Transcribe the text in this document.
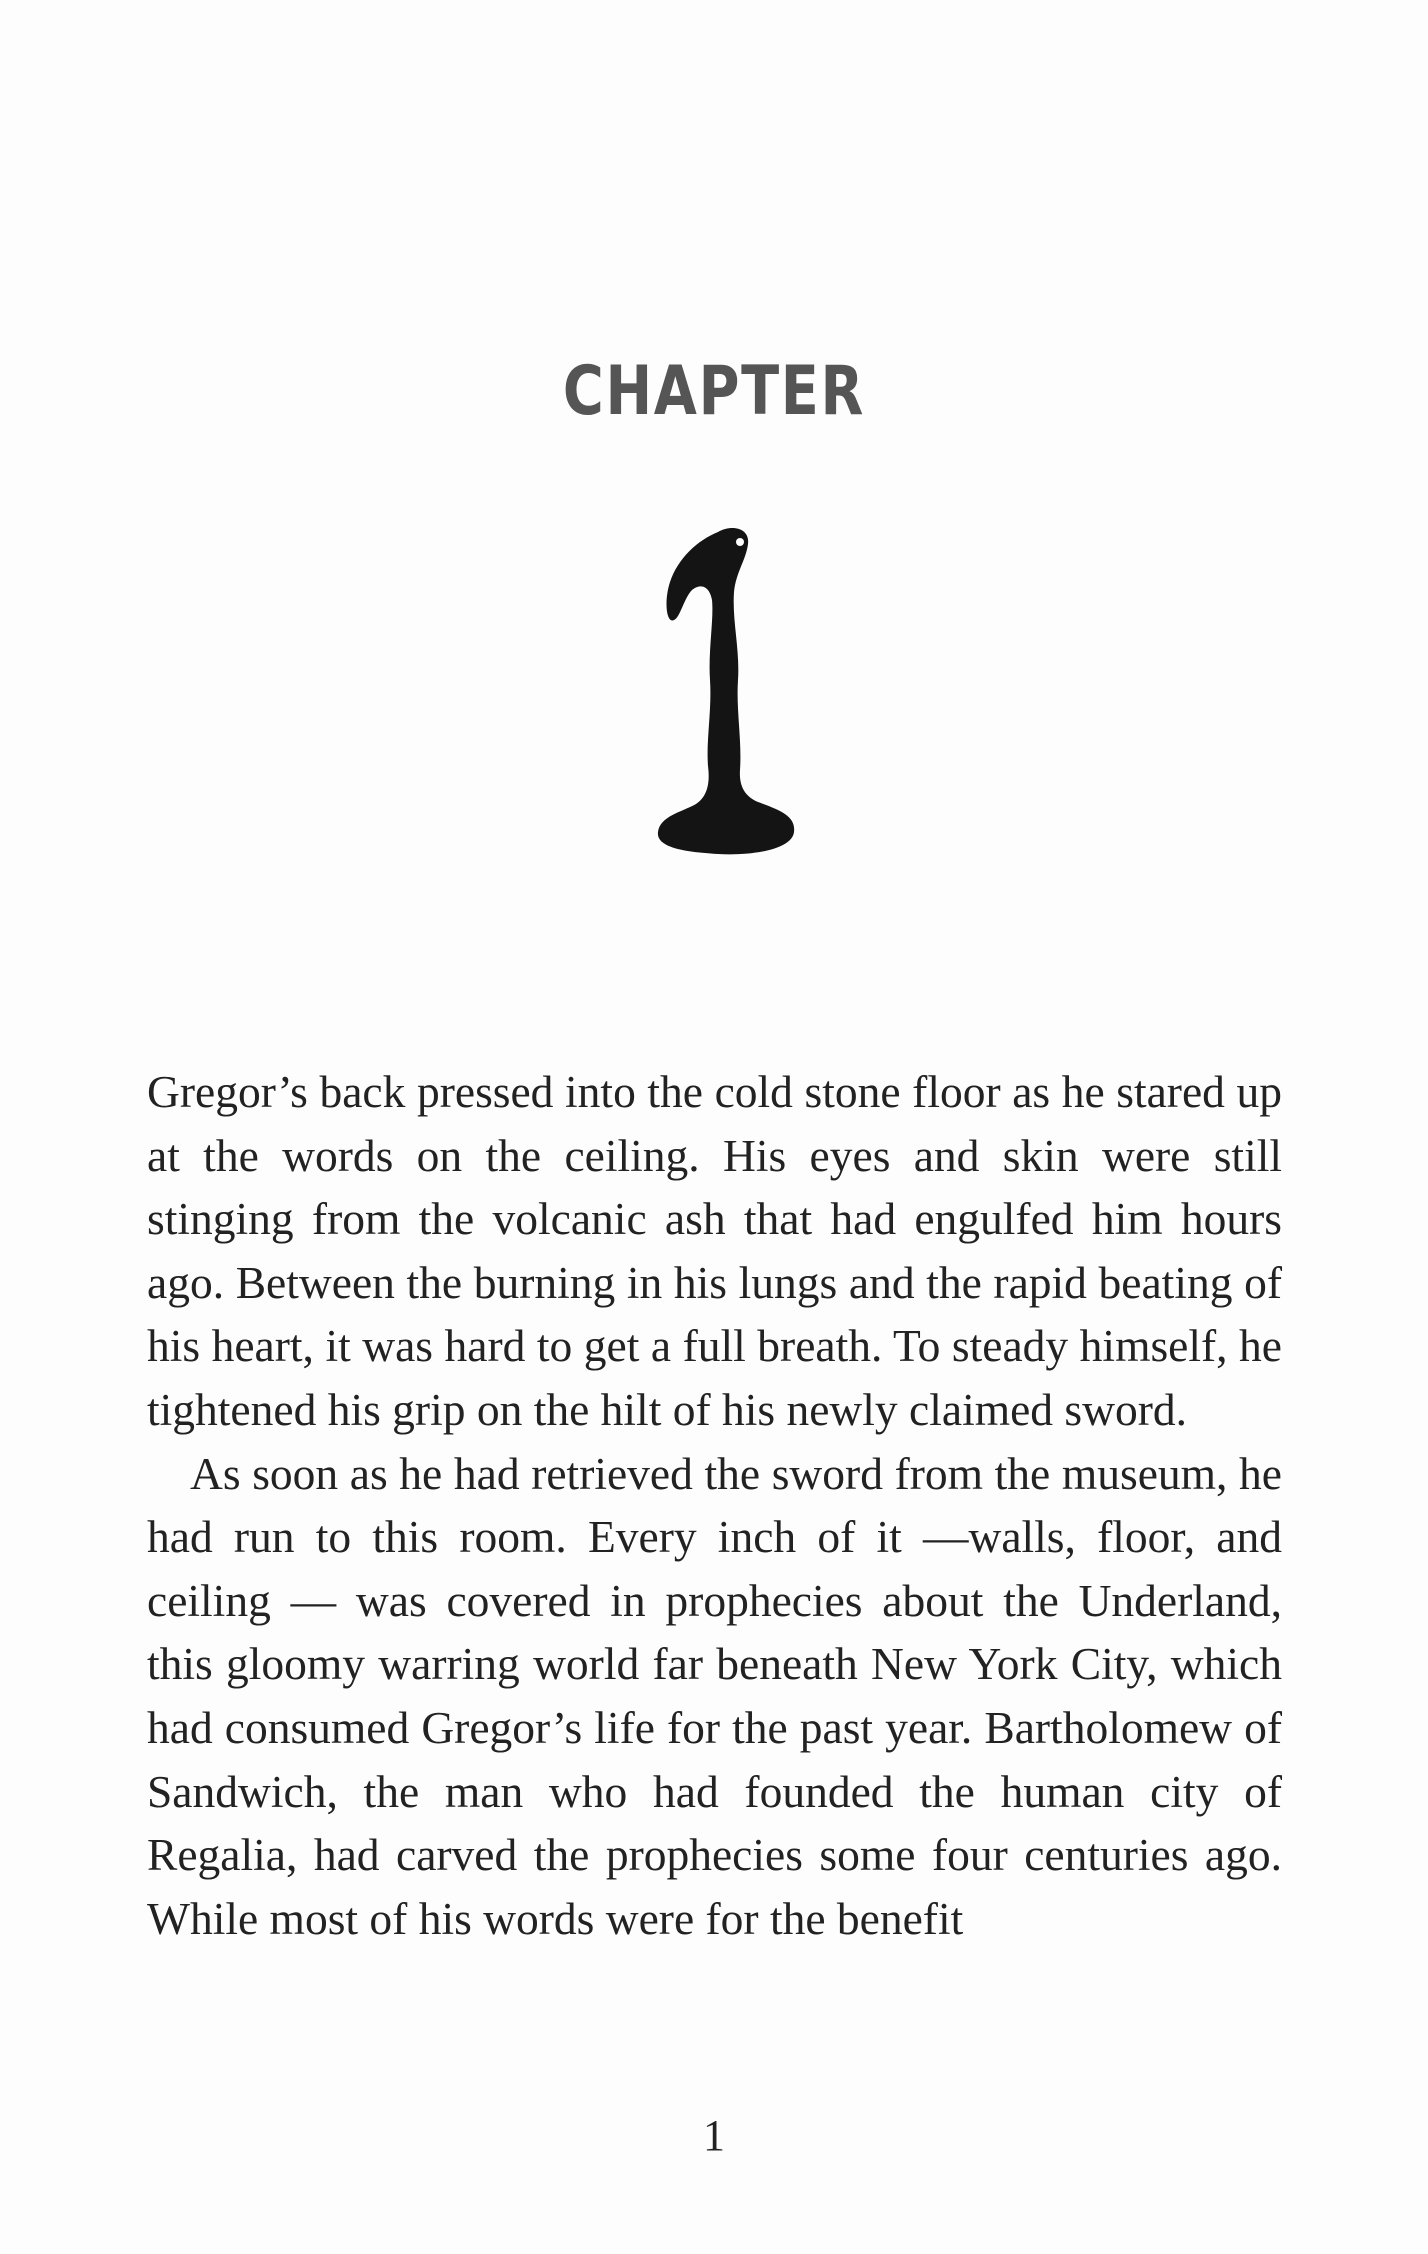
CHAPTER

Gregor’s back pressed into the cold stone floor as he stared up at the words on the ceiling. His eyes and skin were still stinging from the volcanic ash that had engulfed him hours ago. Between the burning in his lungs and the rapid beating of his heart, it was hard to get a full breath. To steady himself, he tightened his grip on the hilt of his newly claimed sword.

As soon as he had retrieved the sword from the museum, he had run to this room. Every inch of it —walls, floor, and ceiling — was covered in prophecies about the Underland, this gloomy warring world far beneath New York City, which had consumed Gregor’s life for the past year. Bartholomew of Sandwich, the man who had founded the human city of Regalia, had carved the prophecies some four centuries ago. While most of his words were for the benefit

1
